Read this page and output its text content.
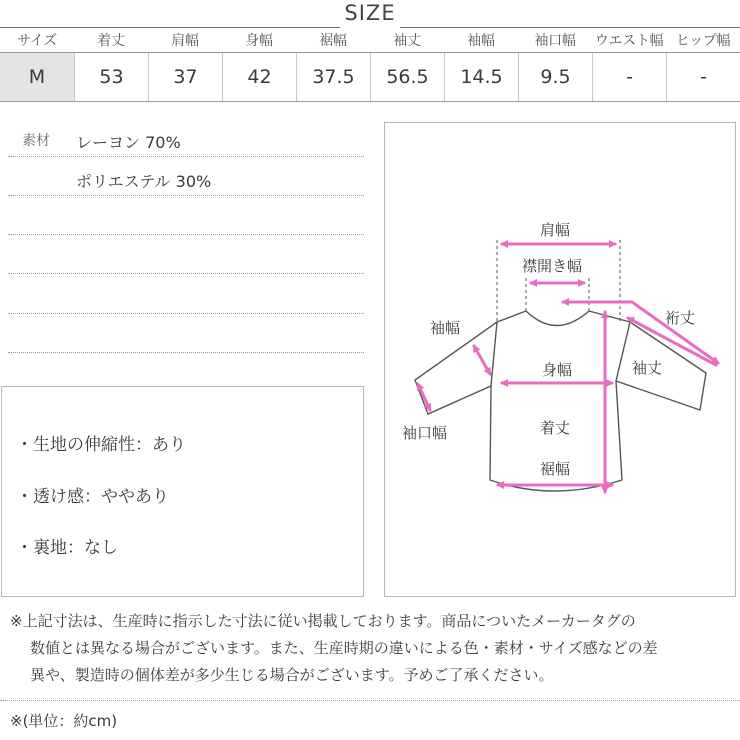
SIZE
サイズ	着丈	肩幅	身幅	裾幅	袖丈	袖幅	袖口幅	ウエスト幅 ヒップ幅
M	53	37	42	37.5	56.5	14.5	9.5	-	-
素材 レーヨン 70%
ポリエステル 30%
・生地の伸縮性：あり
・透け感：ややあり
・裏地：なし
肩幅
襟開き幅
裄丈
袖幅
身幅	袖丈
袖口幅	着丈
裾幅
※上記寸法は、生産時に指示した寸法に従い掲載しております。商品についたメーカータグの
数値とは異なる場合がございます。また、生産時期の違いによる色・素材・サイズ感などの差
異や、製造時の個体差が多少生じる場合がございます。予めご了承ください。
※(単位：約cm)
